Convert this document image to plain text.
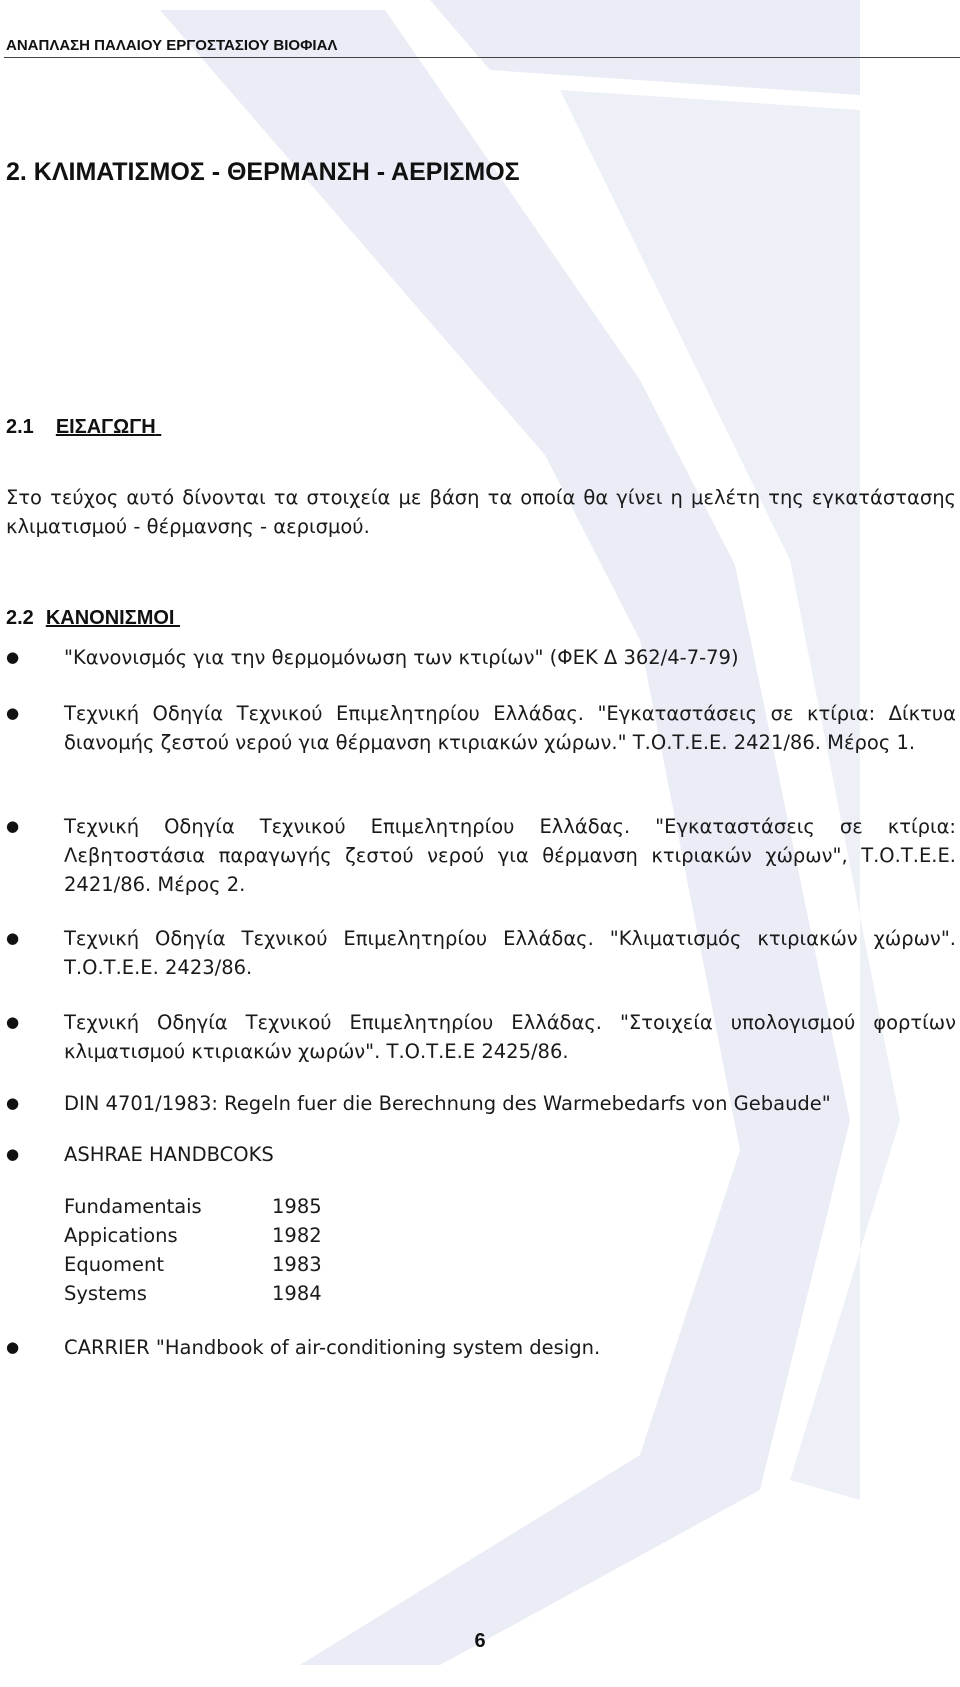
ΑΝΑΠΛΑΣΗ ΠΑΛΑΙΟΥ ΕΡΓΟΣΤΑΣΙΟΥ ΒΙΟΦΙΑΛ
2. ΚΛΙΜΑΤΙΣΜΟΣ - ΘΕΡΜΑΝΣΗ - ΑΕΡΙΣΜΟΣ
2.1 ΕΙΣΑΓΩΓΗ

Στο τεύχος αυτό δίνονται τα στοιχεία με βάση τα οποία θα γίνει η μελέτη της εγκατάστασης κλιματισμού - θέρμανσης - αερισμού.

2.2 ΚΑΝΟΝΙΣΜΟΙ
● "Κανονισμός για την θερμομόνωση των κτιρίων" (ΦΕΚ Δ 362/4-7-79)

● Τεχνική Οδηγία Τεχνικού Επιμελητηρίου Ελλάδας. "Εγκαταστάσεις σε κτίρια: Δίκτυα διανομής ζεστού νερού για θέρμανση κτιριακών χώρων." Τ.Ο.Τ.Ε.Ε. 2421/86. Μέρος 1.

● Τεχνική Οδηγία Τεχνικού Επιμελητηρίου Ελλάδας. "Εγκαταστάσεις σε κτίρια: Λεβητοστάσια παραγωγής ζεστού νερού για θέρμανση κτιριακών χώρων", Τ.Ο.Τ.Ε.Ε. 2421/86. Μέρος 2.

● Τεχνική Οδηγία Τεχνικού Επιμελητηρίου Ελλάδας. "Κλιματισμός κτιριακών χώρων". Τ.Ο.Τ.Ε.Ε. 2423/86.

● Τεχνική Οδηγία Τεχνικού Επιμελητηρίου Ελλάδας. "Στοιχεία υπολογισμού φορτίων κλιματισμού κτιριακών χωρών". Τ.Ο.Τ.Ε.Ε 2425/86.

● DIN 4701/1983: Regeln fuer die Berechnung des Warmebedarfs von Gebaude"

● ASHRAE HANDBCOKS

● CARRIER "Handbook of air-conditioning system design.

Fundamentais	1985
Appications	1982
Equoment	1983
Systems	1984
6
